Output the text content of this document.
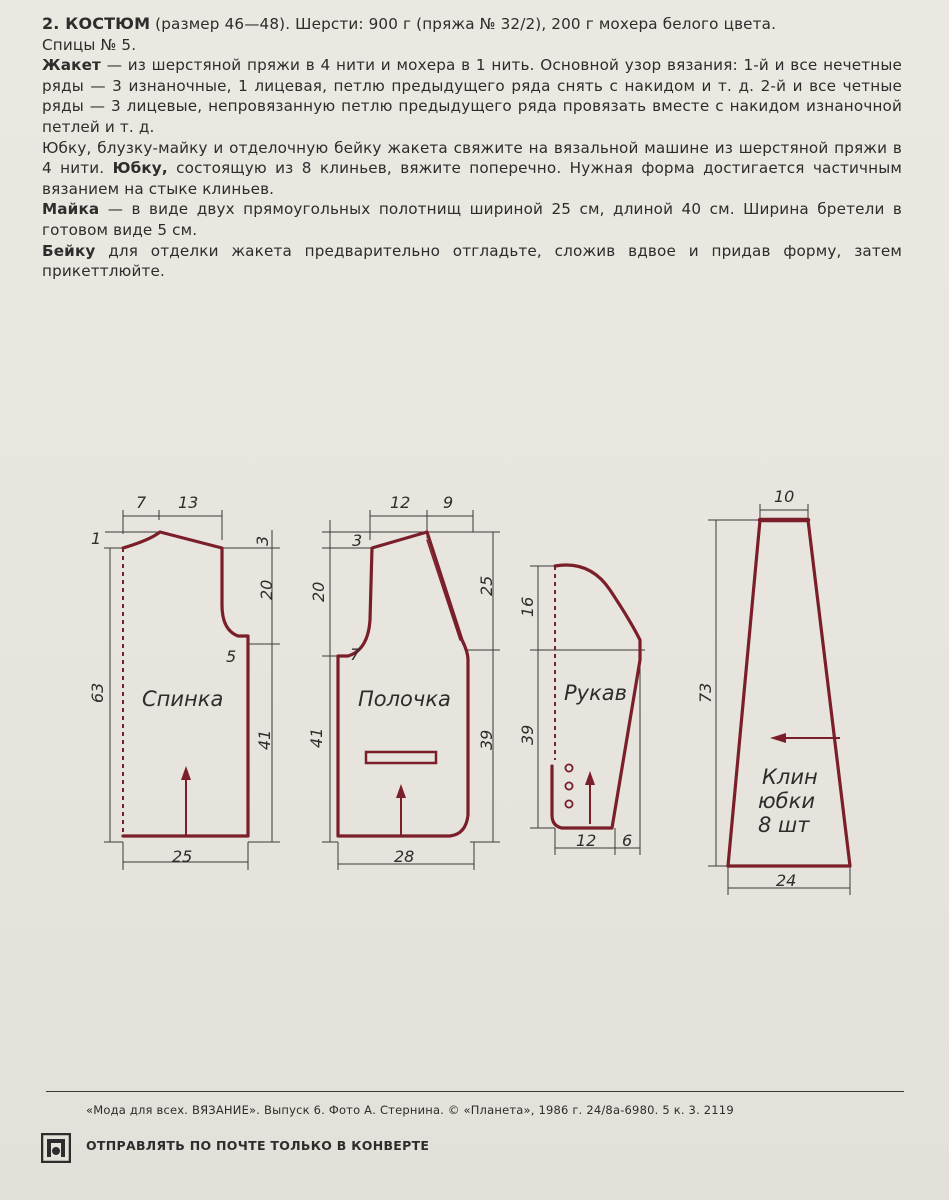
2. КОСТЮМ (размер 46—48). Шерсти: 900 г (пряжа № 32/2), 200 г мохера белого цвета.

Спицы № 5.

Жакет — из шерстяной пряжи в 4 нити и мохера в 1 нить. Основной узор вязания: 1-й и все нечетные ряды — 3 изнаночные, 1 лицевая, петлю предыдущего ряда снять с накидом и т. д. 2-й и все четные ряды — 3 лицевые, непровязанную петлю предыдущего ряда провязать вместе с накидом изнаночной петлей и т. д.

Юбку, блузку-майку и отделочную бейку жакета свяжите на вязальной машине из шерстяной пряжи в 4 нити. Юбку, состоящую из 8 клиньев, вяжите поперечно. Нужная форма достигается частичным вязанием на стыке клиньев.

Майка — в виде двух прямоугольных полотнищ шириной 25 см, длиной 40 см. Ширина бретели в готовом виде 5 см.

Бейку для отделки жакета предварительно отгладьте, сложив вдвое и придав форму, затем прикеттлюйте.

Спинка
7 13
1	3
20
5
63
41
25
Полочка
12 9
3
20
7
25
41	39
28
Рукав
16
39
12 6
Клин
юбки
8 шт
10
73
24
«Мода для всех. ВЯЗАНИЕ». Выпуск 6. Фото А. Стернина. © «Планета», 1986 г. 24/8а-6980. 5 к. 3. 2119
ОТПРАВЛЯТЬ ПО ПОЧТЕ ТОЛЬКО В КОНВЕРТЕ
